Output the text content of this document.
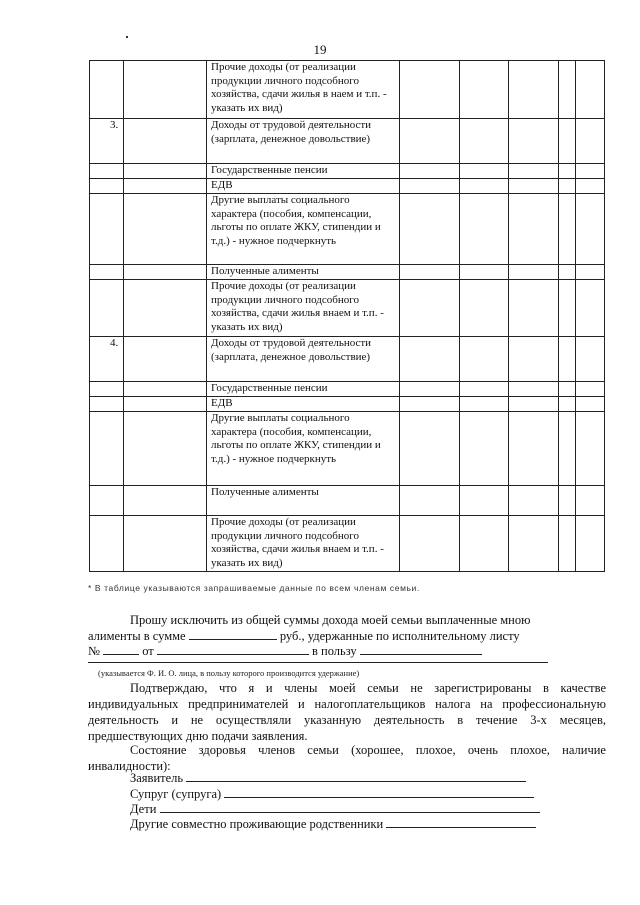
19
		Прочие доходы (от реализации продукции личного подсобного хозяйства, сдачи жилья в наем и т.п. - указать их вид)					
3.		Доходы от трудовой деятельности (зарплата, денежное довольствие)					
		Государственные пенсии					
		ЕДВ					
		Другие выплаты социального характера (пособия, компенсации, льготы по оплате ЖКУ, стипендии и т.д.) - нужное подчеркнуть					
		Полученные алименты					
		Прочие доходы (от реализации продукции личного подсобного хозяйства, сдачи жилья внаем и т.п. - указать их вид)					
4.		Доходы от трудовой деятельности (зарплата, денежное довольствие)					
		Государственные пенсии					
		ЕДВ					
		Другие выплаты социального характера (пособия, компенсации, льготы по оплате ЖКУ, стипендии и т.д.) - нужное подчеркнуть					
		Полученные алименты					
		Прочие доходы (от реализации продукции личного подсобного хозяйства, сдачи жилья внаем и т.п. - указать их вид)					
* В таблице указываются запрашиваемые данные по всем членам семьи.
Прошу исключить из общей суммы дохода моей семьи выплаченные мною
алименты в сумме	руб., удержанные по исполнительному листу
№	от	в пользу
(указывается Ф. И. О. лица, в пользу которого производится удержание)
Подтверждаю, что я и члены моей семьи не зарегистрированы в качестве индивидуальных предпринимателей и налогоплательщиков налога на профессиональную деятельность и не осуществляли указанную деятельность в течение 3-х месяцев, предшествующих дню подачи заявления.
Состояние здоровья членов семьи (хорошее, плохое, очень плохое, наличие инвалидности):
Заявитель
Супруг (супруга)
Дети
Другие совместно проживающие родственники
